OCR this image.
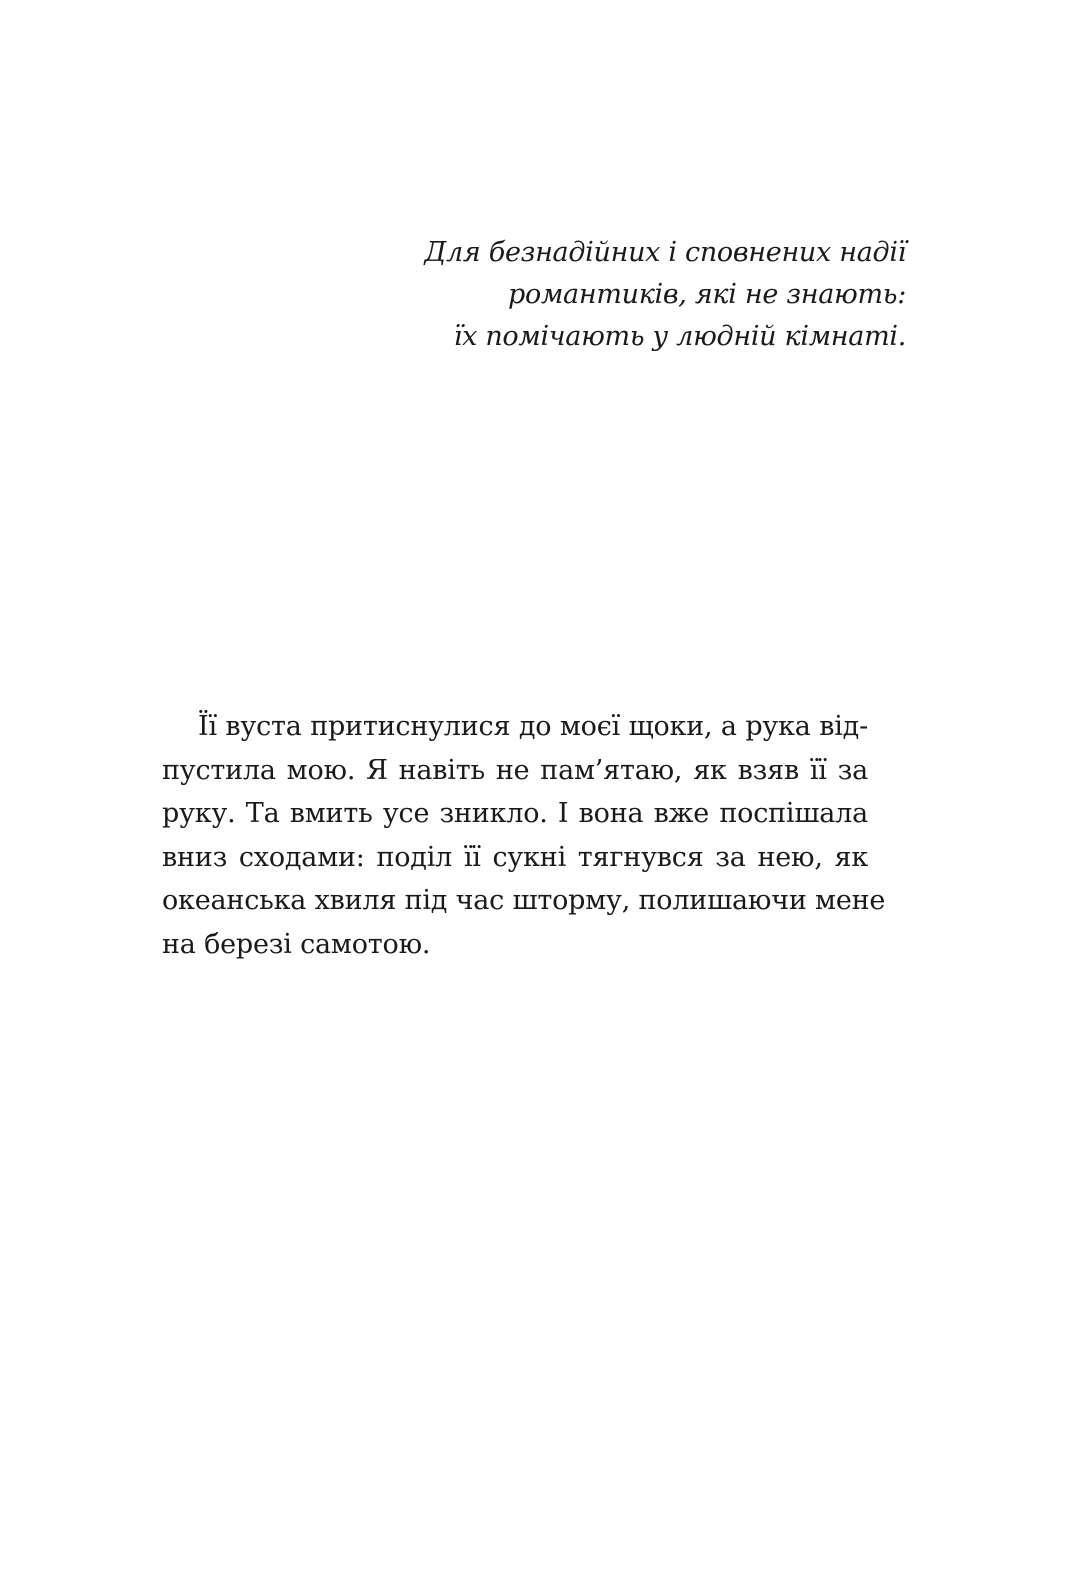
Для безнадійних і сповнених надії
романтиків, які не знають:
їх помічають у людній кімнаті.
Її вуста притиснулися до моєї щоки, а рука від-
пустила мою. Я навіть не пам’ятаю, як взяв її за
руку. Та вмить усе зникло. І вона вже поспішала
вниз сходами: поділ її сукні тягнувся за нею, як
океанська хвиля під час шторму, полишаючи мене
на березі самотою.
